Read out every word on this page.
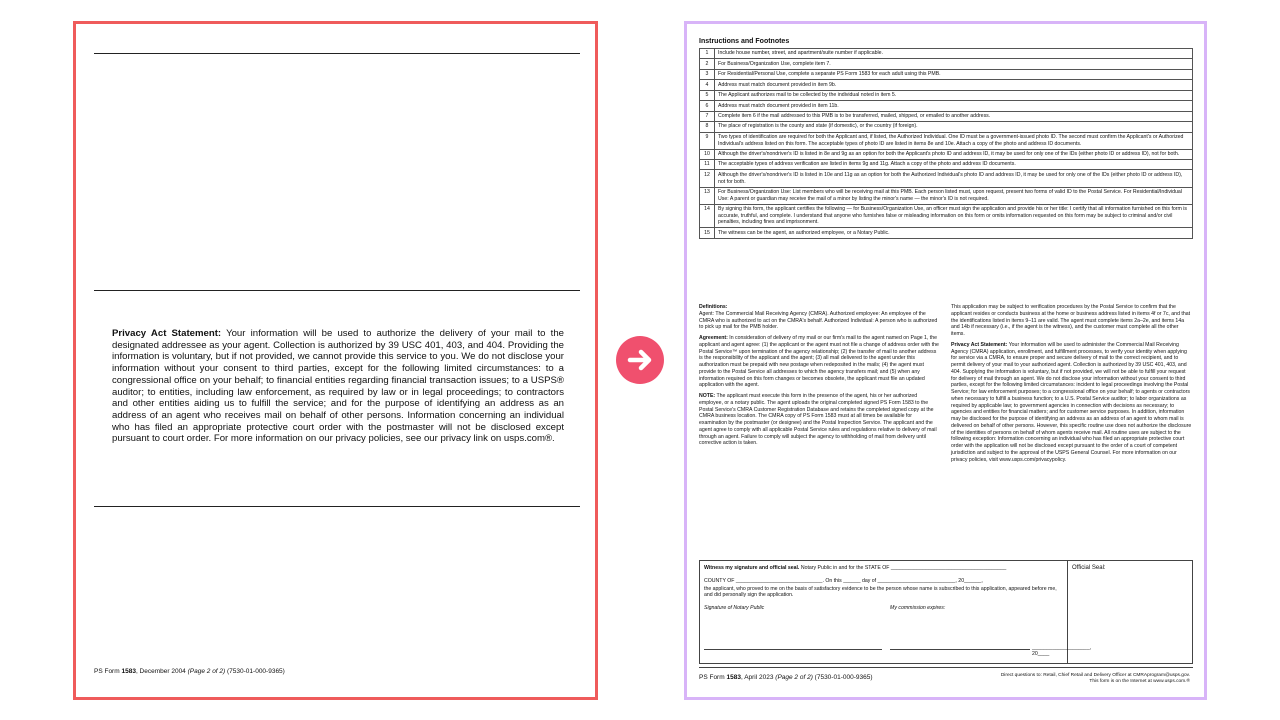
Privacy Act Statement: Your information will be used to authorize the delivery of your mail to the designated addressee as your agent. Collection is authorized by 39 USC 401, 403, and 404. Providing the information is voluntary, but if not provided, we cannot provide this service to you. We do not disclose your information without your consent to third parties, except for the following limited circumstances: to a congressional office on your behalf; to financial entities regarding financial transaction issues; to a USPS® auditor; to entities, including law enforcement, as required by law or in legal proceedings; to contractors and other entities aiding us to fulfill the service; and for the purpose of identifying an address as an address of an agent who receives mail on behalf of other persons. Information concerning an individual who has filed an appropriate protective court order with the postmaster will not be disclosed except pursuant to court order. For more information on our privacy policies, see our privacy link on usps.com®.
PS Form 1583, December 2004 (Page 2 of 2) (7530-01-000-9365)
Instructions and Footnotes
1	Include house number, street, and apartment/suite number if applicable.
2	For Business/Organization Use, complete item 7.
3	For Residential/Personal Use, complete a separate PS Form 1583 for each adult using this PMB.
4	Address must match document provided in item 9b.
5	The Applicant authorizes mail to be collected by the individual noted in item 5.
6	Address must match document provided in item 11b.
7	Complete item 6 if the mail addressed to this PMB is to be transferred, mailed, shipped, or emailed to another address.
8	The place of registration is the county and state (if domestic), or the country (if foreign).
9	Two types of identification are required for both the Applicant and, if listed, the Authorized Individual. One ID must be a government-issued photo ID. The second must confirm the Applicant's or Authorized Individual's address listed on this form. The acceptable types of photo ID are listed in items 8e and 10e. Attach a copy of the photo and address ID documents.
10	Although the driver's/nondriver's ID is listed in 8e and 9g as an option for both the Applicant's photo ID and address ID, it may be used for only one of the IDs (either photo ID or address ID), not for both.
11	The acceptable types of address verification are listed in items 9g and 11g. Attach a copy of the photo and address ID documents.
12	Although the driver's/nondriver's ID is listed in 10e and 11g as an option for both the Authorized Individual's photo ID and address ID, it may be used for only one of the IDs (either photo ID or address ID), not for both.
13	For Business/Organization Use: List members who will be receiving mail at this PMB. Each person listed must, upon request, present two forms of valid ID to the Postal Service. For Residential/Individual Use: A parent or guardian may receive the mail of a minor by listing the minor's name — the minor's ID is not required.
14	By signing this form, the applicant certifies the following — for Business/Organization Use, an officer must sign the application and provide his or her title: I certify that all information furnished on this form is accurate, truthful, and complete. I understand that anyone who furnishes false or misleading information on this form or omits information requested on this form may be subject to criminal and/or civil penalties, including fines and imprisonment.
15	The witness can be the agent, an authorized employee, or a Notary Public.

Definitions:
Agent: The Commercial Mail Receiving Agency (CMRA). Authorized employee: An employee of the CMRA who is authorized to act on the CMRA's behalf. Authorized Individual: A person who is authorized to pick up mail for the PMB holder.

Agreement: In consideration of delivery of my mail or our firm's mail to the agent named on Page 1, the applicant and agent agree: (1) the applicant or the agent must not file a change of address order with the Postal Service™ upon termination of the agency relationship; (2) the transfer of mail to another address is the responsibility of the applicant and the agent; (3) all mail delivered to the agent under this authorization must be prepaid with new postage when redeposited in the mails; (4) the agent must provide to the Postal Service all addresses to which the agency transfers mail; and (5) when any information required on this form changes or becomes obsolete, the applicant must file an updated application with the agent.

NOTE: The applicant must execute this form in the presence of the agent, his or her authorized employee, or a notary public. The agent uploads the original completed signed PS Form 1583 to the Postal Service's CMRA Customer Registration Database and retains the completed signed copy at the CMRA business location. The CMRA copy of PS Form 1583 must at all times be available for examination by the postmaster (or designee) and the Postal Inspection Service. The applicant and the agent agree to comply with all applicable Postal Service rules and regulations relative to delivery of mail through an agent. Failure to comply will subject the agency to withholding of mail from delivery until corrective action is taken.

This application may be subject to verification procedures by the Postal Service to confirm that the applicant resides or conducts business at the home or business address listed in items 4f or 7c, and that the identifications listed in items 9–11 are valid. The agent must complete items 2a–2e, and items 14a and 14b if necessary (i.e., if the agent is the witness), and the customer must complete all the other items.

Privacy Act Statement: Your information will be used to administer the Commercial Mail Receiving Agency (CMRA) application, enrollment, and fulfillment processes, to verify your identity when applying for service via a CMRA, to ensure proper and secure delivery of mail to the correct recipient, and to permit delivery of your mail to your authorized agent. Collection is authorized by 39 USC 401, 403, and 404. Supplying the information is voluntary, but if not provided, we will not be able to fulfill your request for delivery of mail through an agent. We do not disclose your information without your consent to third parties, except for the following limited circumstances: incident to legal proceedings involving the Postal Service; for law enforcement purposes; to a congressional office on your behalf; to agents or contractors when necessary to fulfill a business function; to a U.S. Postal Service auditor; to labor organizations as required by applicable law; to government agencies in connection with decisions as necessary; to agencies and entities for financial matters; and for customer service purposes. In addition, information may be disclosed for the purpose of identifying an address as an address of an agent to whom mail is delivered on behalf of other persons. However, this specific routine use does not authorize the disclosure of the identities of persons on behalf of whom agents receive mail. All routine uses are subject to the following exception: Information concerning an individual who has filed an appropriate protective court order with the application will not be disclosed except pursuant to the order of a court of competent jurisdiction and subject to the approval of the USPS General Counsel. For more information on our privacy policies, visit www.usps.com/privacypolicy.

Witness my signature and official seal. Notary Public in and for the STATE OF ________________________________________
COUNTY OF ______________________________. On this ______ day of ___________________________, 20______,
the applicant, who proved to me on the basis of satisfactory evidence to be the person whose name is subscribed to this application, appeared before me, and did personally sign the application.
Signature of Notary Public	My commission expires:
____________________, 20____
Official Seal:
PS Form 1583, April 2023 (Page 2 of 2) (7530-01-000-9365)	Direct questions to: Retail, Chief Retail and Delivery Officer at CMRAprogram@usps.gov.
This form is on the Internet at www.usps.com.®
